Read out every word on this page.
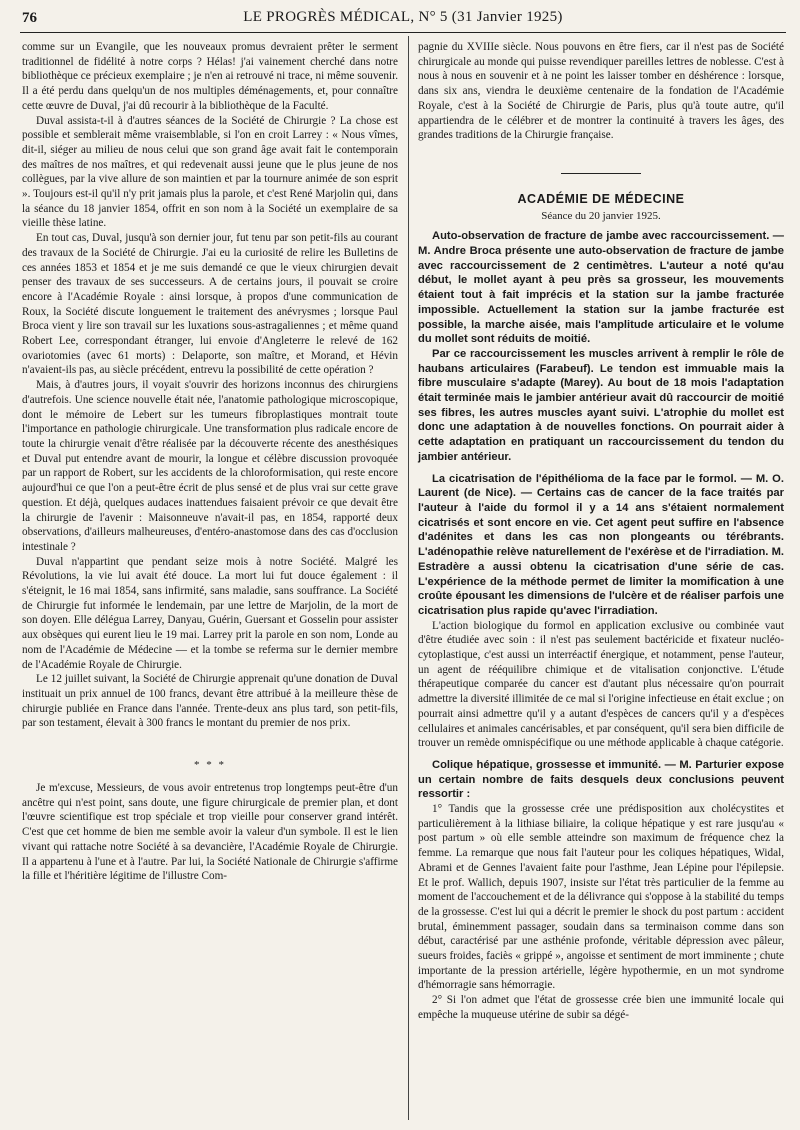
76	LE PROGRÈS MÉDICAL, N° 5 (31 Janvier 1925)

comme sur un Evangile, que les nouveaux promus devraient prêter le serment traditionnel de fidélité à notre corps ? Hélas! j'ai vainement cherché dans notre bibliothèque ce précieux exemplaire ; je n'en ai retrouvé ni trace, ni même souvenir. Il a été perdu dans quelqu'un de nos multiples déménagements, et, pour connaître cette œuvre de Duval, j'ai dû recourir à la bibliothèque de la Faculté.

Duval assista-t-il à d'autres séances de la Société de Chirurgie ? La chose est possible et semblerait même vraisemblable, si l'on en croit Larrey : « Nous vîmes, dit-il, siéger au milieu de nous celui que son grand âge avait fait le contemporain des maîtres de nos maîtres, et qui redevenait aussi jeune que le plus jeune de nos collègues, par la vive allure de son maintien et par la tournure animée de son esprit ». Toujours est-il qu'il n'y prit jamais plus la parole, et c'est René Marjolin qui, dans la séance du 18 janvier 1854, offrit en son nom à la Société un exemplaire de sa vieille thèse latine.

En tout cas, Duval, jusqu'à son dernier jour, fut tenu par son petit-fils au courant des travaux de la Société de Chirurgie. J'ai eu la curiosité de relire les Bulletins de ces années 1853 et 1854 et je me suis demandé ce que le vieux chirurgien devait penser des travaux de ses successeurs. A de certains jours, il pouvait se croire encore à l'Académie Royale : ainsi lorsque, à propos d'une communication de Roux, la Société discute longuement le traitement des anévrysmes ; lorsque Paul Broca vient y lire son travail sur les luxations sous-astragaliennes ; et même quand Robert Lee, correspondant étranger, lui envoie d'Angleterre le relevé de 162 ovariotomies (avec 61 morts) : Delaporte, son maître, et Morand, et Hévin n'avaient-ils pas, au siècle précédent, entrevu la possibilité de cette opération ?

Mais, à d'autres jours, il voyait s'ouvrir des horizons inconnus des chirurgiens d'autrefois. Une science nouvelle était née, l'anatomie pathologique microscopique, dont le mémoire de Lebert sur les tumeurs fibroplastiques montrait toute l'importance en pathologie chirurgicale. Une transformation plus radicale encore de toute la chirurgie venait d'être réalisée par la découverte récente des anesthésiques et Duval put entendre avant de mourir, la longue et célèbre discussion provoquée par un rapport de Robert, sur les accidents de la chloroformisation, qui reste encore aujourd'hui ce que l'on a peut-être écrit de plus sensé et de plus vrai sur cette grave question. Et déjà, quelques audaces inattendues faisaient prévoir ce que devait être la chirurgie de l'avenir : Maisonneuve n'avait-il pas, en 1854, rapporté deux observations, d'ailleurs malheureuses, d'entéro-anastomose dans des cas d'occlusion intestinale ?

Duval n'appartint que pendant seize mois à notre Société. Malgré les Révolutions, la vie lui avait été douce. La mort lui fut douce également : il s'éteignit, le 16 mai 1854, sans infirmité, sans maladie, sans souffrance. La Société de Chirurgie fut informée le lendemain, par une lettre de Marjolin, de la mort de son doyen. Elle délégua Larrey, Danyau, Guérin, Guersant et Gosselin pour assister aux obsèques qui eurent lieu le 19 mai. Larrey prit la parole en son nom, Londe au nom de l'Académie de Médecine — et la tombe se referma sur le dernier membre de l'Académie Royale de Chirurgie.

Le 12 juillet suivant, la Société de Chirurgie apprenait qu'une donation de Duval instituait un prix annuel de 100 francs, devant être attribué à la meilleure thèse de chirurgie publiée en France dans l'année. Trente-deux ans plus tard, son petit-fils, par son testament, élevait à 300 francs le montant du premier de nos prix.

* * *

Je m'excuse, Messieurs, de vous avoir entretenus trop longtemps peut-être d'un ancêtre qui n'est point, sans doute, une figure chirurgicale de premier plan, et dont l'œuvre scientifique est trop spéciale et trop vieille pour conserver grand intérêt. C'est que cet homme de bien me semble avoir la valeur d'un symbole. Il est le lien vivant qui rattache notre Société à sa devancière, l'Académie Royale de Chirurgie. Il a appartenu à l'une et à l'autre. Par lui, la Société Nationale de Chirurgie s'affirme la fille et l'héritière légitime de l'illustre Com-

pagnie du XVIIIe siècle. Nous pouvons en être fiers, car il n'est pas de Société chirurgicale au monde qui puisse revendiquer pareilles lettres de noblesse. C'est à nous à nous en souvenir et à ne point les laisser tomber en déshérence : lorsque, dans six ans, viendra le deuxième centenaire de la fondation de l'Académie Royale, c'est à la Société de Chirurgie de Paris, plus qu'à toute autre, qu'il appartiendra de le célébrer et de montrer la continuité à travers les âges, des grandes traditions de la Chirurgie française.

ACADÉMIE DE MÉDECINE
Séance du 20 janvier 1925.

Auto-observation de fracture de jambe avec raccourcissement. — M. Andre Broca présente une auto-observation de fracture de jambe avec raccourcissement de 2 centimètres. L'auteur a noté qu'au début, le mollet ayant à peu près sa grosseur, les mouvements étaient tout à fait imprécis et la station sur la jambe fracturée impossible. Actuellement la station sur la jambe fracturée est possible, la marche aisée, mais l'amplitude articulaire et le volume du mollet sont réduits de moitié.

Par ce raccourcissement les muscles arrivent à remplir le rôle de haubans articulaires (Farabeuf). Le tendon est immuable mais la fibre musculaire s'adapte (Marey). Au bout de 18 mois l'adaptation était terminée mais le jambier antérieur avait dû raccourcir de moitié ses fibres, les autres muscles ayant suivi. L'atrophie du mollet est donc une adaptation à de nouvelles fonctions. On pourrait aider à cette adaptation en pratiquant un raccourcissement du tendon du jambier antérieur.

La cicatrisation de l'épithélioma de la face par le formol. — M. O. Laurent (de Nice). — Certains cas de cancer de la face traités par l'auteur à l'aide du formol il y a 14 ans s'étaient normalement cicatrisés et sont encore en vie. Cet agent peut suffire en l'absence d'adénites et dans les cas non plongeants ou térébrants. L'adénopathie relève naturellement de l'exérèse et de l'irradiation. M. Estradère a aussi obtenu la cicatrisation d'une série de cas. L'expérience de la méthode permet de limiter la momification à une croûte épousant les dimensions de l'ulcère et de réaliser parfois une cicatrisation plus rapide qu'avec l'irradiation.

L'action biologique du formol en application exclusive ou combinée vaut d'être étudiée avec soin : il n'est pas seulement bactéricide et fixateur nucléo-cytoplastique, c'est aussi un interréactif énergique, et notamment, pense l'auteur, un agent de rééquilibre chimique et de vitalisation conjonctive. L'étude thérapeutique comparée du cancer est d'autant plus nécessaire qu'on pourrait admettre la diversité illimitée de ce mal si l'origine infectieuse en était exclue ; on pourrait ainsi admettre qu'il y a autant d'espèces de cancers qu'il y a d'espèces cellulaires et animales cancérisables, et par conséquent, qu'il sera bien difficile de trouver un remède omnispécifique ou une méthode applicable à chaque catégorie.

Colique hépatique, grossesse et immunité. — M. Parturier expose un certain nombre de faits desquels deux conclusions peuvent ressortir :

1° Tandis que la grossesse crée une prédisposition aux cholécystites et particulièrement à la lithiase biliaire, la colique hépatique y est rare jusqu'au « post partum » où elle semble atteindre son maximum de fréquence chez la femme. La remarque que nous fait l'auteur pour les coliques hépatiques, Widal, Abrami et de Gennes l'avaient faite pour l'asthme, Jean Lépine pour l'épilepsie. Et le prof. Wallich, depuis 1907, insiste sur l'état très particulier de la femme au moment de l'accouchement et de la délivrance qui s'oppose à la stabilité du temps de la grossesse. C'est lui qui a décrit le premier le shock du post partum : accident brutal, éminemment passager, soudain dans sa terminaison comme dans son début, caractérisé par une asthénie profonde, véritable dépression avec pâleur, sueurs froides, faciès « grippé », angoisse et sentiment de mort imminente ; chute importante de la pression artérielle, légère hypothermie, en un mot syndrome d'hémorragie sans hémorragie.

2° Si l'on admet que l'état de grossesse crée bien une immunité locale qui empêche la muqueuse utérine de subir sa dégé-
